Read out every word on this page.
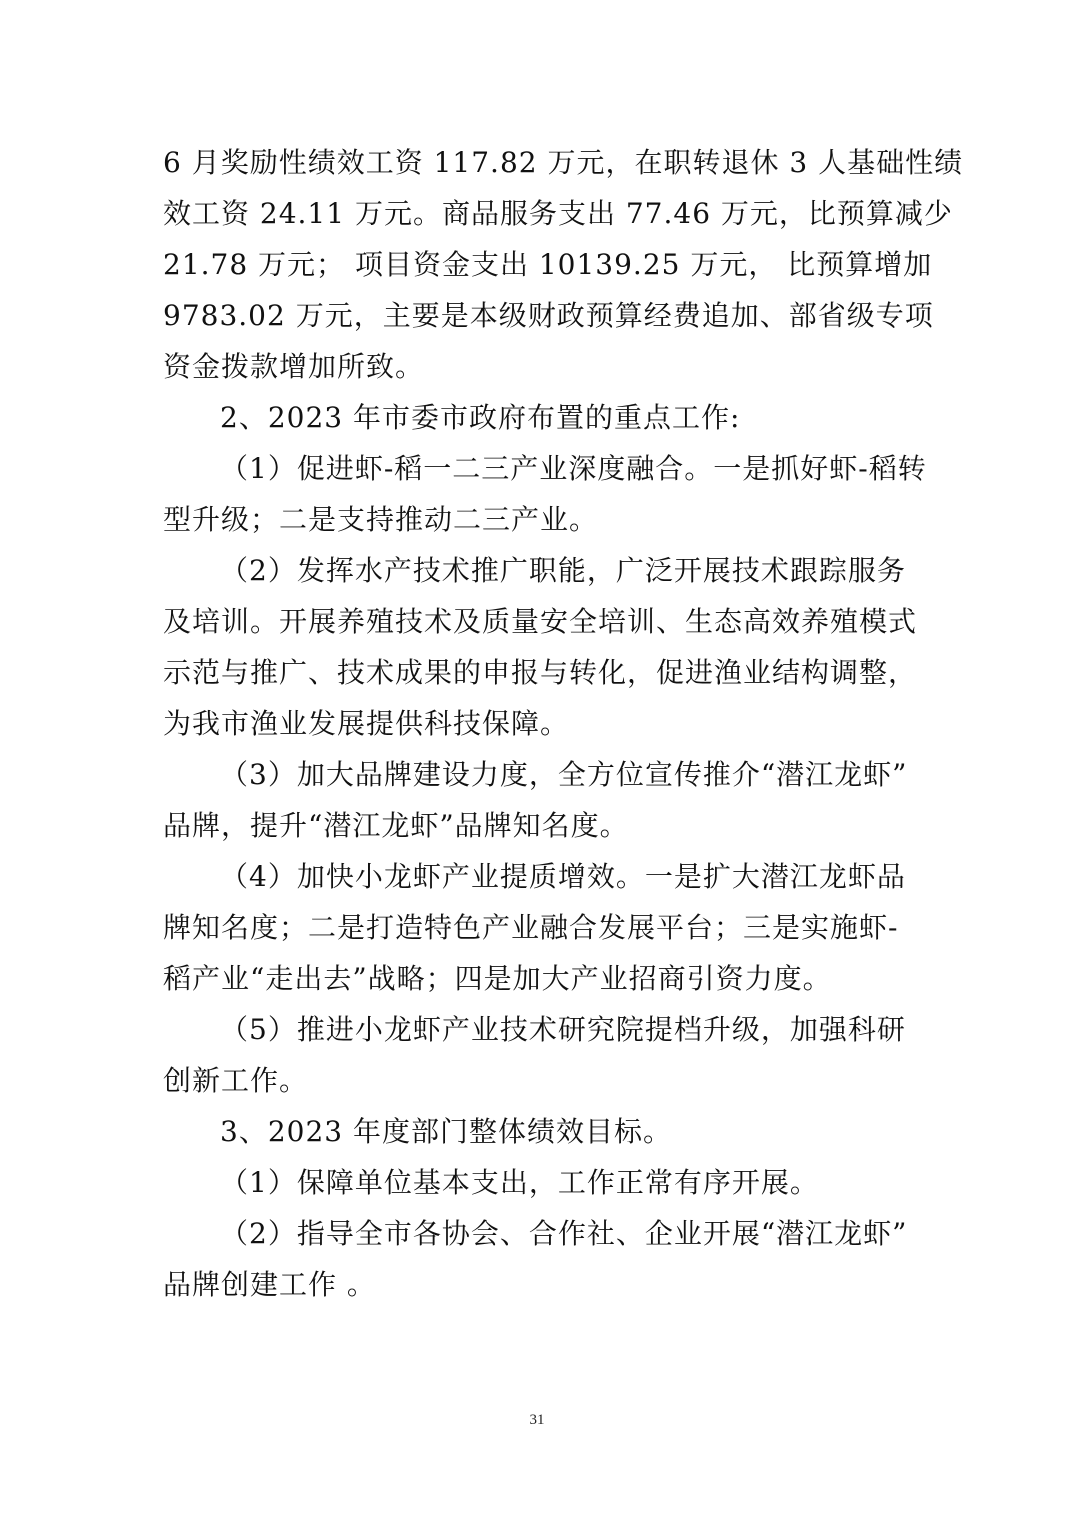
6 月奖励性绩效工资 117.82 万元，在职转退休 3 人基础性绩
效工资 24.11 万元。商品服务支出 77.46 万元，比预算减少
21.78 万元； 项目资金支出 10139.25 万元， 比预算增加
9783.02 万元，主要是本级财政预算经费追加、部省级专项
资金拨款增加所致。
2、2023 年市委市政府布置的重点工作:
（1）促进虾-稻一二三产业深度融合。一是抓好虾-稻转
型升级；二是支持推动二三产业。
（2）发挥水产技术推广职能，广泛开展技术跟踪服务
及培训。开展养殖技术及质量安全培训、生态高效养殖模式
示范与推广、技术成果的申报与转化，促进渔业结构调整，
为我市渔业发展提供科技保障。
（3）加大品牌建设力度，全方位宣传推介“潜江龙虾”
品牌，提升“潜江龙虾”品牌知名度。
（4）加快小龙虾产业提质增效。一是扩大潜江龙虾品
牌知名度；二是打造特色产业融合发展平台；三是实施虾-
稻产业“走出去”战略；四是加大产业招商引资力度。
（5）推进小龙虾产业技术研究院提档升级，加强科研
创新工作。
3、2023 年度部门整体绩效目标。
（1）保障单位基本支出，工作正常有序开展。
（2）指导全市各协会、合作社、企业开展“潜江龙虾”
品牌创建工作 。
31
